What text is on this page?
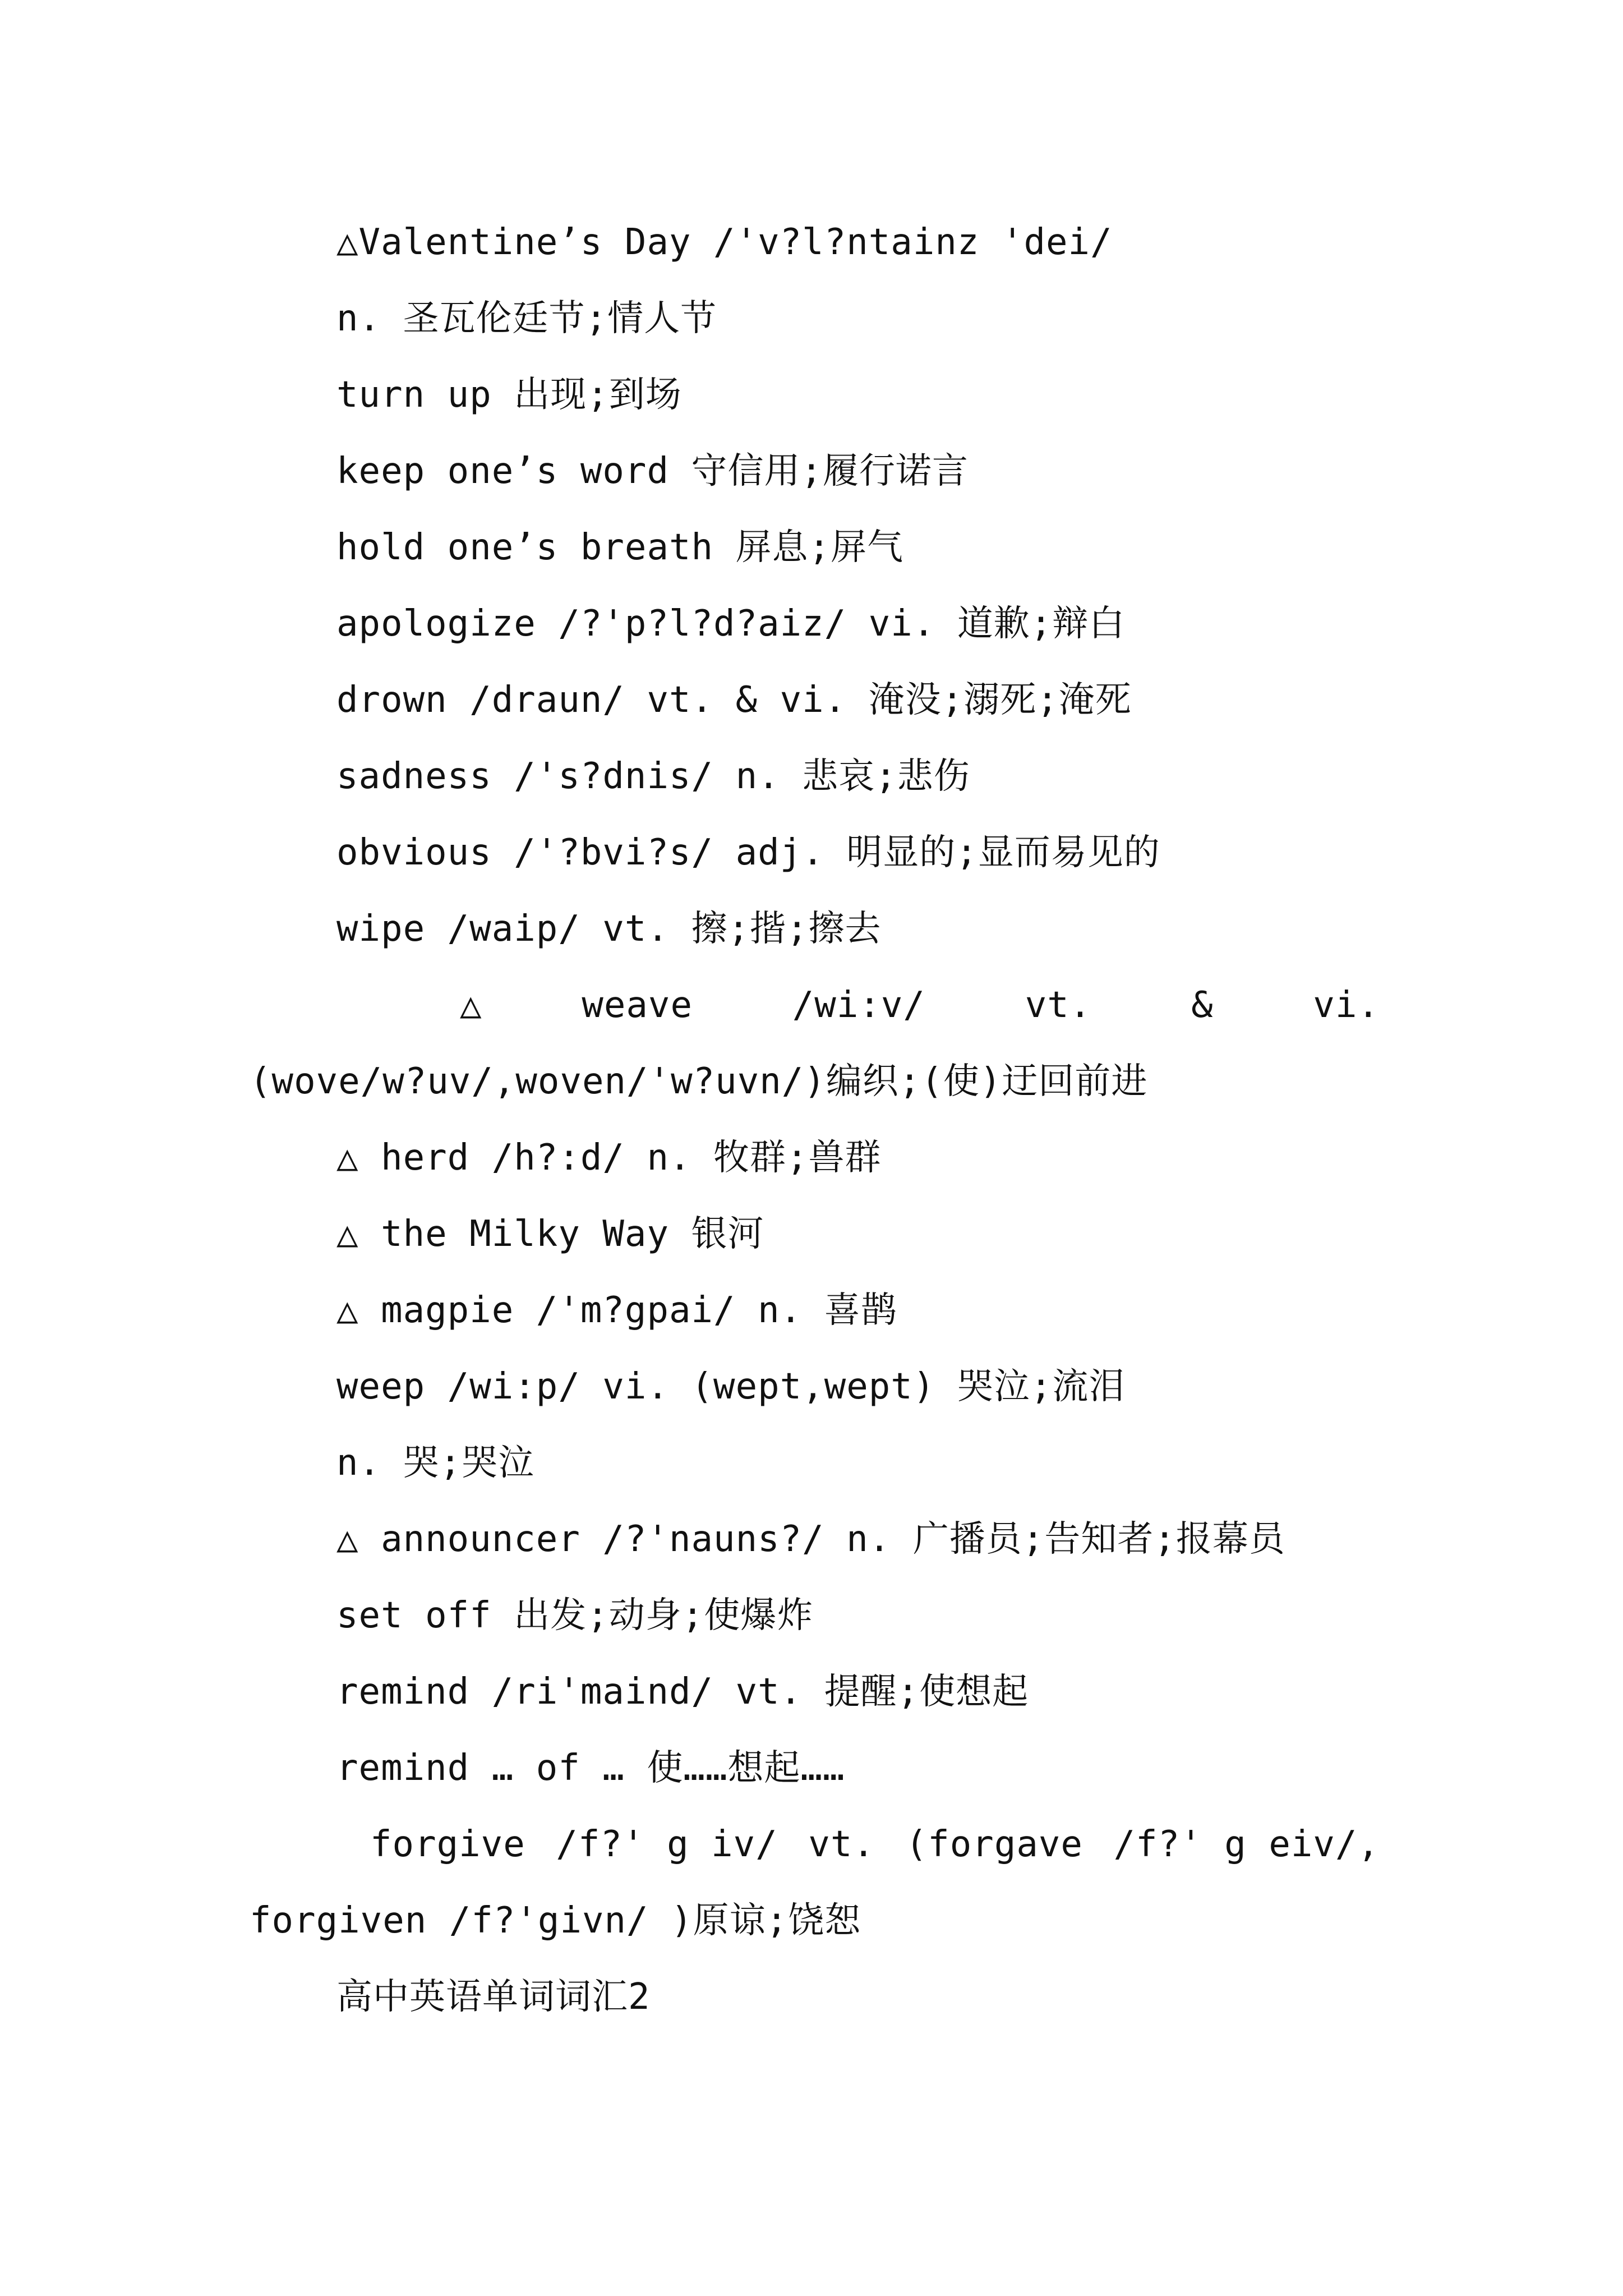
△Valentine’s Day /'v?l?ntainz 'dei/
n. 圣瓦伦廷节;情人节
turn up 出现;到场
keep one’s word 守信用;履行诺言
hold one’s breath 屏息;屏气
apologize /?'p?l?d?aiz/ vi. 道歉;辩白
drown /draun/ vt. & vi. 淹没;溺死;淹死
sadness /'s?dnis/ n. 悲哀;悲伤
obvious /'?bvi?s/ adj. 明显的;显而易见的
wipe /waip/ vt. 擦;揩;擦去
△	weave	/wi:v/	vt.	&	vi.
(wove/w?uv/,woven/'w?uvn/)编织;(使)迂回前进
△ herd /h?:d/ n. 牧群;兽群
△ the Milky Way 银河
△ magpie /'m?gpai/ n. 喜鹊
weep /wi:p/ vi. (wept,wept) 哭泣;流泪
n. 哭;哭泣
△ announcer /?'nauns?/ n. 广播员;告知者;报幕员
set off 出发;动身;使爆炸
remind /ri'maind/ vt. 提醒;使想起
remind … of … 使……想起……
forgive /f?' g iv/ vt. (forgave /f?' g eiv/,
forgiven /f?'givn/ )原谅;饶恕
高中英语单词词汇2
